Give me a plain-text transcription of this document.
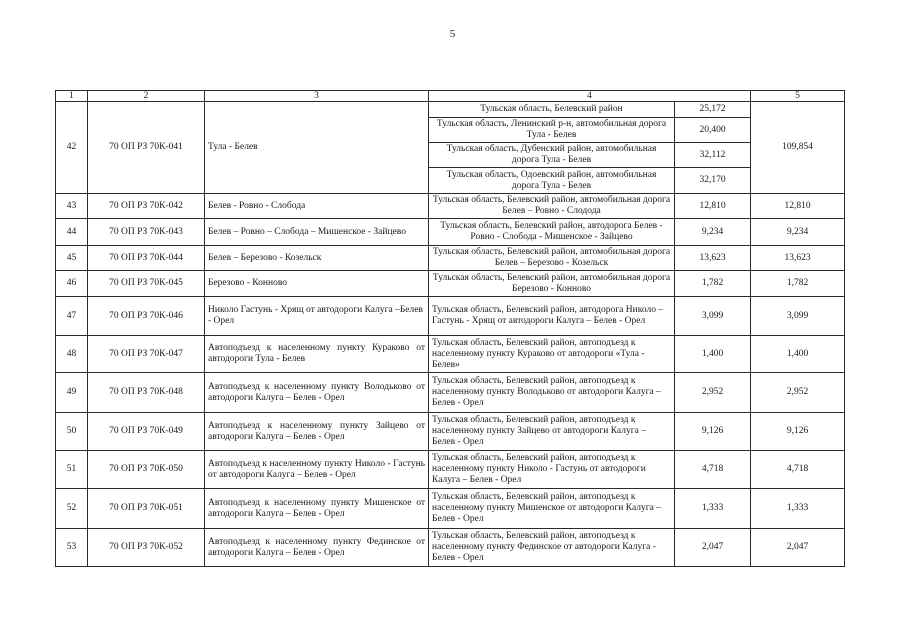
5
1	2	3	4		5
42	70 ОП РЗ 70К-041	Тула - Белев	Тульская область, Белевский район	25,172	109,854
			Тульская область, Ленинский р-н, автомобильная дорога Тула - Белев	20,400	
			Тульская область, Дубенский район, автомобильная дорога Тула - Белев	32,112	
			Тульская область, Одоевский район, автомобильная дорога Тула - Белев	32,170	
43	70 ОП РЗ 70К-042	Белев - Ровно - Слобода	Тульская область, Белевский район, автомобильная дорога Белев – Ровно - Слодода	12,810	12,810
44	70 ОП РЗ 70К-043	Белев – Ровно – Слобода – Мишенское - Зайцево	Тульская область, Белевский район, автодорога Белев - Ровно - Слобода - Мишенское - Зайцево	9,234	9,234
45	70 ОП РЗ 70К-044	Белев – Березово - Козельск	Тульская область, Белевский район, автомобильная дорога Белев – Березово - Козельск	13,623	13,623
46	70 ОП РЗ 70К-045	Березово - Конново	Тульская область, Белевский район, автомобильная дорога Березово - Конново	1,782	1,782
47	70 ОП РЗ 70К-046	Николо Гастунь - Хрящ от автодороги Калуга –Белев - Орел	Тульская область, Белевский район, автодорога Николо – Гастунь - Хрящ от автодороги Калуга – Белев - Орел	3,099	3,099
48	70 ОП РЗ 70К-047	Автоподъезд к населенному пункту Кураково от автодороги Тула - Белев	Тульская область, Белевский район, автоподъезд к населенному пункту Кураково от автодороги «Тула - Белев»	1,400	1,400
49	70 ОП РЗ 70К-048	Автоподъезд к населенному пункту Володьково от автодороги Калуга – Белев - Орел	Тульская область, Белевский район, автоподъезд к населенному пункту Володьково от автодороги Калуга – Белев - Орел	2,952	2,952
50	70 ОП РЗ 70К-049	Автоподъезд к населенному пункту Зайцево от автодороги Калуга – Белев - Орел	Тульская область, Белевский район, автоподъезд к населенному пункту Зайцево от автодороги Калуга – Белев - Орел	9,126	9,126
51	70 ОП РЗ 70К-050	Автоподъезд к населенному пункту Николо - Гастунь от автодороги Калуга – Белев - Орел	Тульская область, Белевский район, автоподъезд к населенному пункту Николо - Гастунь от автодороги Калуга – Белев - Орел	4,718	4,718
52	70 ОП РЗ 70К-051	Автоподъезд к населенному пункту Мишенское от автодороги Калуга – Белев - Орел	Тульская область, Белевский район, автоподъезд к населенному пункту Мишенское от автодороги Калуга – Белев - Орел	1,333	1,333
53	70 ОП РЗ 70К-052	Автоподъезд к населенному пункту Фединское от автодороги Калуга – Белев - Орел	Тульская область, Белевский район, автоподъезд к населенному пункту Фединское от автодороги Калуга - Белев - Орел	2,047	2,047
